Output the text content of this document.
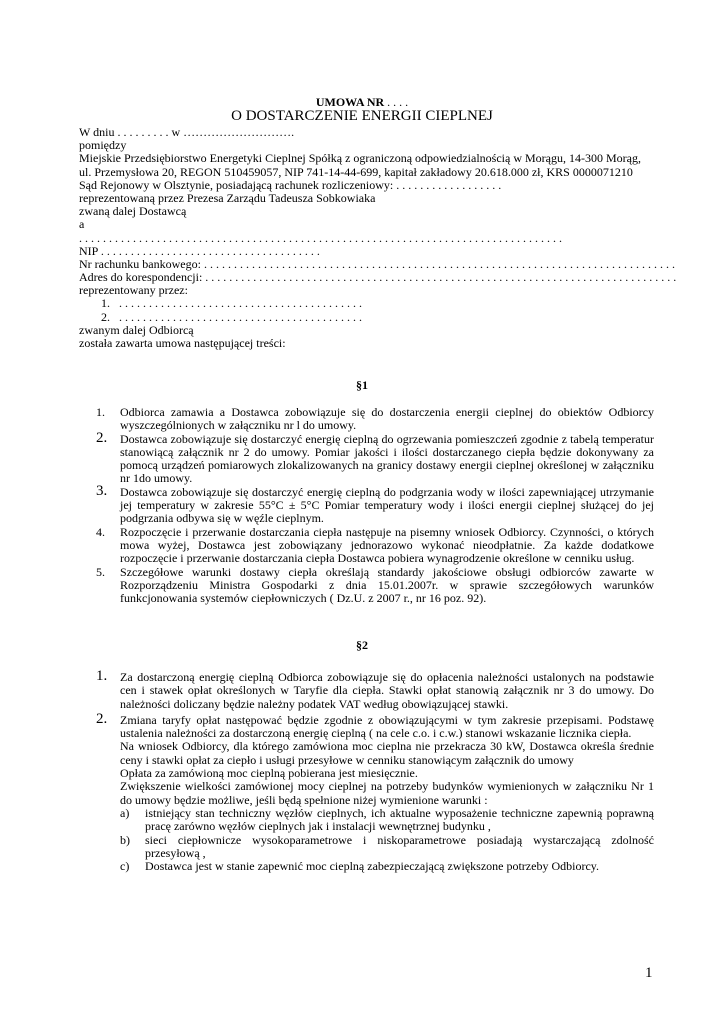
UMOWA NR . . . .
O DOSTARCZENIE ENERGII CIEPLNEJ
W dniu . . . . . . . . . w ……………………….
pomiędzy
Miejskie Przedsiębiorstwo Energetyki Cieplnej Spółką z ograniczoną odpowiedzialnością w Morągu, 14-300 Morąg,
ul. Przemysłowa 20, REGON 510459057, NIP 741-14-44-699, kapitał zakładowy 20.618.000 zł, KRS 0000071210
Sąd Rejonowy w Olsztynie, posiadającą rachunek rozliczeniowy: . . . . . . . . . . . . . . . . . .
reprezentowaną przez Prezesa Zarządu Tadeusza Sobkowiaka
zwaną dalej Dostawcą
a
. . . . . . . . . . . . . . . . . . . . . . . . . . . . . . . . . . . . . . . . . . . . . . . . . . . . . . . . . . . . . . . . . . . . . . . . . . . . . . . . .
NIP . . . . . . . . . . . . . . . . . . . . . . . . . . . . . . . . . . . . .
Nr rachunku bankowego: . . . . . . . . . . . . . . . . . . . . . . . . . . . . . . . . . . . . . . . . . . . . . . . . . . . . . . . . . . . . . . . . . . . . . . . . . . . . . . .
Adres do korespondencji: . . . . . . . . . . . . . . . . . . . . . . . . . . . . . . . . . . . . . . . . . . . . . . . . . . . . . . . . . . . . . . . . . . . . . . . . . . . . . . .
reprezentowany przez:
1. . . . . . . . . . . . . . . . . . . . . . . . . . . . . . . . . . . . . . . . . .
2. . . . . . . . . . . . . . . . . . . . . . . . . . . . . . . . . . . . . . . . . .
zwanym dalej Odbiorcą
została zawarta umowa następującej treści:
§1
1. Odbiorca zamawia a Dostawca zobowiązuje się do dostarczenia energii cieplnej do obiektów Odbiorcy wyszczególnionych w załączniku nr l do umowy.
2. Dostawca zobowiązuje się dostarczyć energię cieplną do ogrzewania pomieszczeń zgodnie z tabelą temperatur stanowiącą załącznik nr 2 do umowy. Pomiar jakości i ilości dostarczanego ciepła będzie dokonywany za pomocą urządzeń pomiarowych zlokalizowanych na granicy dostawy energii cieplnej określonej w załączniku nr 1do umowy.
3. Dostawca zobowiązuje się dostarczyć energię cieplną do podgrzania wody w ilości zapewniającej utrzymanie jej temperatury w zakresie 55°C ± 5°C Pomiar temperatury wody i ilości energii cieplnej służącej do jej podgrzania odbywa się w węźle cieplnym.
4. Rozpoczęcie i przerwanie dostarczania ciepła następuje na pisemny wniosek Odbiorcy. Czynności, o których mowa wyżej, Dostawca jest zobowiązany jednorazowo wykonać nieodpłatnie. Za każde dodatkowe rozpoczęcie i przerwanie dostarczania ciepła Dostawca pobiera wynagrodzenie określone w cenniku usług.
5. Szczegółowe warunki dostawy ciepła określają standardy jakościowe obsługi odbiorców zawarte w Rozporządzeniu Ministra Gospodarki z dnia 15.01.2007r. w sprawie szczegółowych warunków funkcjonowania systemów ciepłowniczych ( Dz.U. z 2007 r., nr 16 poz. 92).
§2
1. Za dostarczoną energię cieplną Odbiorca zobowiązuje się do opłacenia należności ustalonych na podstawie cen i stawek opłat określonych w Taryfie dla ciepła. Stawki opłat stanowią załącznik nr 3 do umowy. Do należności doliczany będzie należny podatek VAT według obowiązującej stawki.
2. Zmiana taryfy opłat następować będzie zgodnie z obowiązującymi w tym zakresie przepisami. Podstawę ustalenia należności za dostarczoną energię cieplną ( na cele c.o. i c.w.) stanowi wskazanie licznika ciepła.
Na wniosek Odbiorcy, dla którego zamówiona moc cieplna nie przekracza 30 kW, Dostawca określa średnie ceny i stawki opłat za ciepło i usługi przesyłowe w cenniku stanowiącym załącznik do umowy
Opłata za zamówioną moc cieplną pobierana jest miesięcznie.
Zwiększenie wielkości zamówionej mocy cieplnej na potrzeby budynków wymienionych w załączniku Nr 1 do umowy będzie możliwe, jeśli będą spełnione niżej wymienione warunki :
a) istniejący stan techniczny węzłów cieplnych, ich aktualne wyposażenie techniczne zapewnią poprawną pracę zarówno węzłów cieplnych jak i instalacji wewnętrznej budynku ,
b) sieci ciepłownicze wysokoparametrowe i niskoparametrowe posiadają wystarczającą zdolność przesyłową ,
c) Dostawca jest w stanie zapewnić moc cieplną zabezpieczającą zwiększone potrzeby Odbiorcy.
1
